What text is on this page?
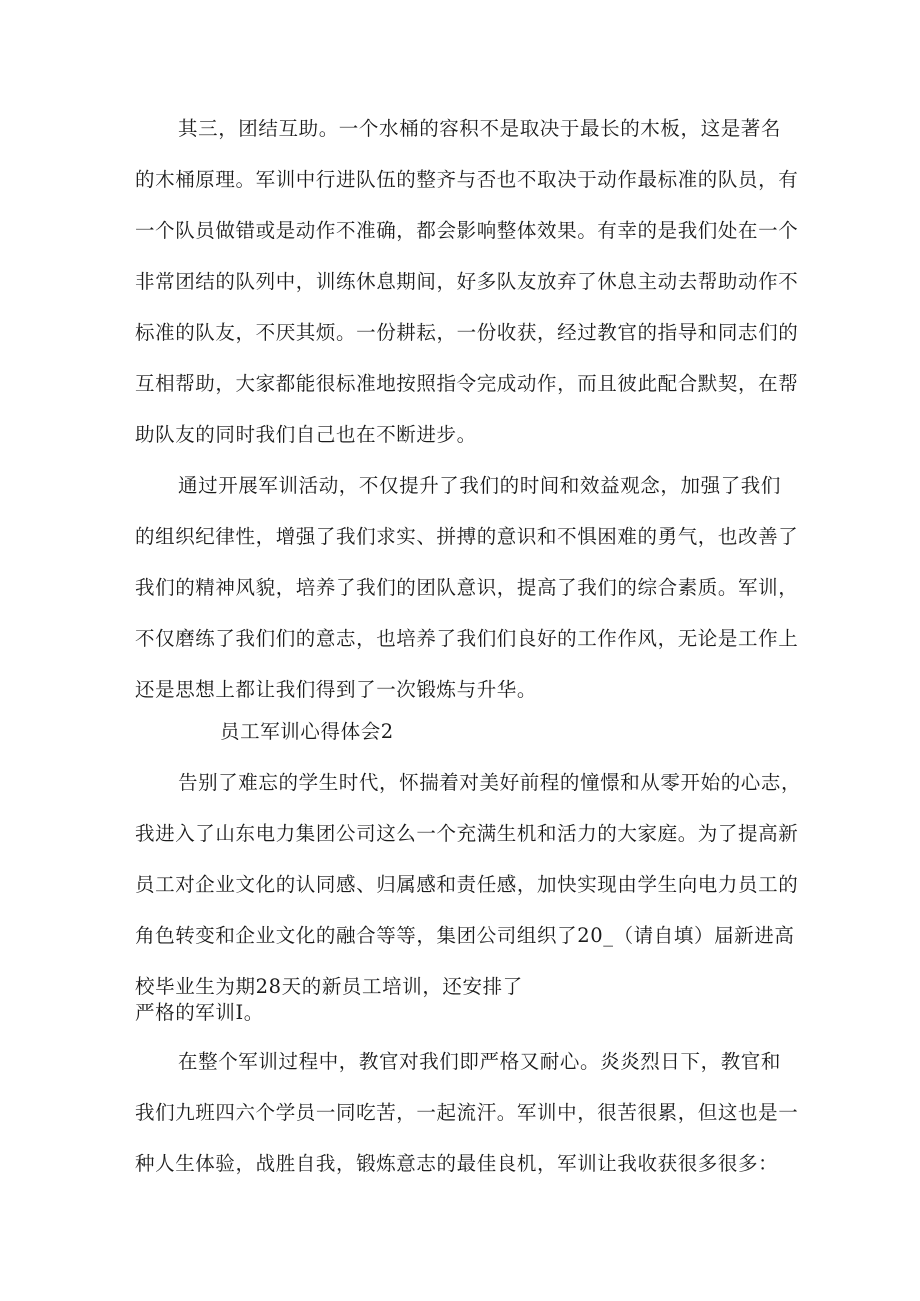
其三，团结互助。一个水桶的容积不是取决于最长的木板，这是著名
的木桶原理。军训中行进队伍的整齐与否也不取决于动作最标准的队员，有
一个队员做错或是动作不准确，都会影响整体效果。有幸的是我们处在一个
非常团结的队列中，训练休息期间，好多队友放弃了休息主动去帮助动作不
标准的队友，不厌其烦。一份耕耘，一份收获，经过教官的指导和同志们的
互相帮助，大家都能很标准地按照指令完成动作，而且彼此配合默契，在帮
助队友的同时我们自己也在不断进步。
通过开展军训活动，不仅提升了我们的时间和效益观念，加强了我们
的组织纪律性，增强了我们求实、拼搏的意识和不惧困难的勇气，也改善了
我们的精神风貌，培养了我们的团队意识，提高了我们的综合素质。军训，
不仅磨练了我们们的意志，也培养了我们们良好的工作作风，无论是工作上
还是思想上都让我们得到了一次锻炼与升华。
员工军训心得体会2
告别了难忘的学生时代，怀揣着对美好前程的憧憬和从零开始的心志，
我进入了山东电力集团公司这么一个充满生机和活力的大家庭。为了提高新
员工对企业文化的认同感、归属感和责任感，加快实现由学生向电力员工的
角色转变和企业文化的融合等等，集团公司组织了20_（请自填）届新进高
校毕业生为期28天的新员工培训，还安排了
严格的军训I。
在整个军训过程中，教官对我们即严格又耐心。炎炎烈日下，教官和
我们九班四六个学员一同吃苦，一起流汗。军训中，很苦很累，但这也是一
种人生体验，战胜自我，锻炼意志的最佳良机，军训让我收获很多很多：
